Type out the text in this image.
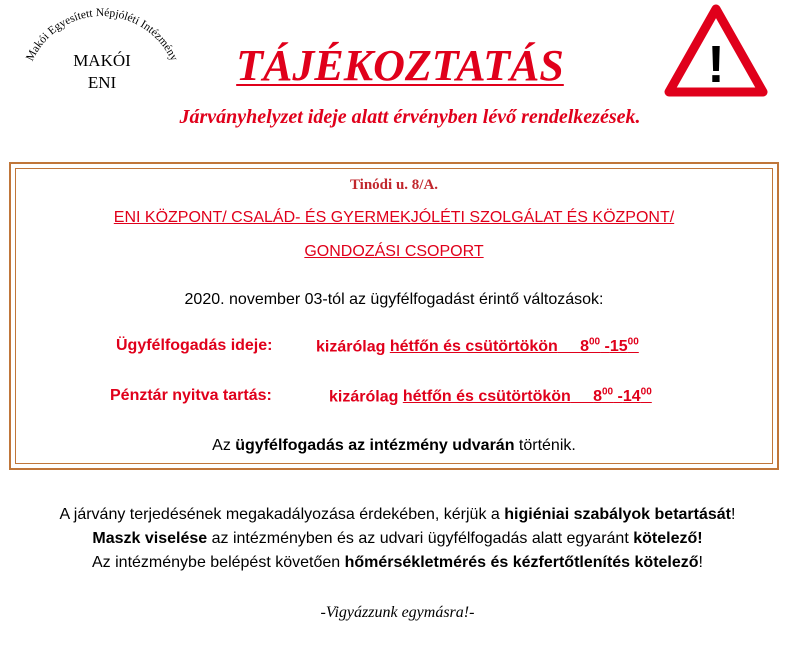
Makói Egyesített Népjóléti Intézmény
MAKÓI
ENI	TÁJÉKOZTATÁS
Járványhelyzet ideje alatt érvényben lévő rendelkezések.
!
Tinódi u. 8/A.
ENI KÖZPONT/ CSALÁD- ÉS GYERMEKJÓLÉTI SZOLGÁLAT ÉS KÖZPONT/
GONDOZÁSI CSOPORT
2020. november 03-tól az ügyfélfogadást érintő változások:
Ügyfélfogadás ideje:	kizárólag hétfőn és csütörtökön $8^{00}$ $-15^{00}$
Pénztár nyitva tartás:	kizárólag hétfőn és csütörtökön $8^{00}$ $-14^{00}$
Az ügyfélfogadás az intézmény udvarán történik.
A járvány terjedésének megakadályozása érdekében, kérjük a higiéniai szabályok betartását!
Maszk viselése az intézményben és az udvari ügyfélfogadás alatt egyaránt kötelező!
Az intézménybe belépést követően hőmérsékletmérés és kézfertőtlenítés kötelező!
-Vigyázzunk egymásra!-
